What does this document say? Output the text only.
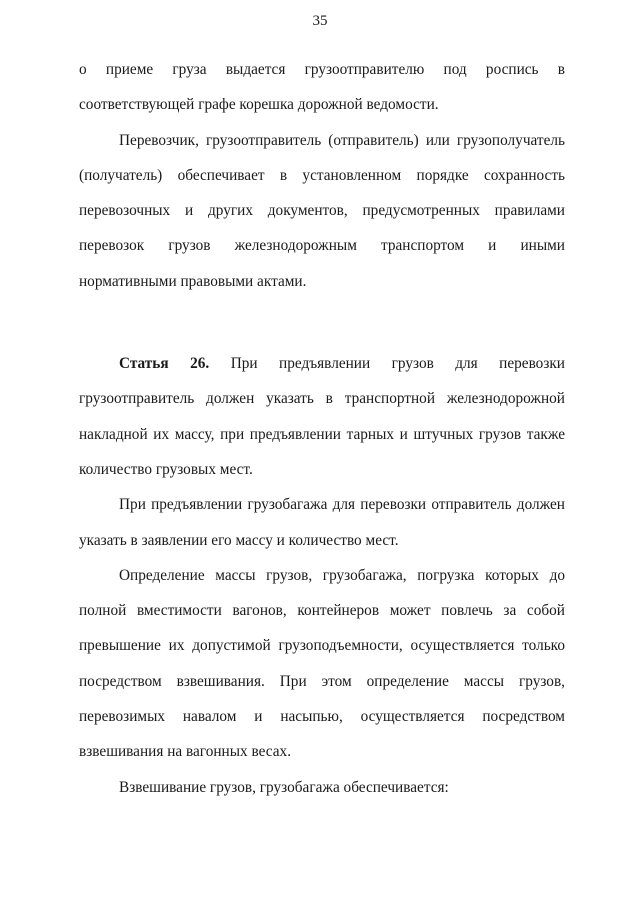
35

о приеме груза выдается грузоотправителю под роспись в соответствующей графе корешка дорожной ведомости.

Перевозчик, грузоотправитель (отправитель) или грузополучатель (получатель) обеспечивает в установленном порядке сохранность перевозочных и других документов, предусмотренных правилами перевозок грузов железнодорожным транспортом и иными нормативными правовыми актами.

Статья 26. При предъявлении грузов для перевозки грузоотправитель должен указать в транспортной железнодорожной накладной их массу, при предъявлении тарных и штучных грузов также количество грузовых мест.

При предъявлении грузобагажа для перевозки отправитель должен указать в заявлении его массу и количество мест.

Определение массы грузов, грузобагажа, погрузка которых до полной вместимости вагонов, контейнеров может повлечь за собой превышение их допустимой грузоподъемности, осуществляется только посредством взвешивания. При этом определение массы грузов, перевозимых навалом и насыпью, осуществляется посредством взвешивания на вагонных весах.

Взвешивание грузов, грузобагажа обеспечивается:
